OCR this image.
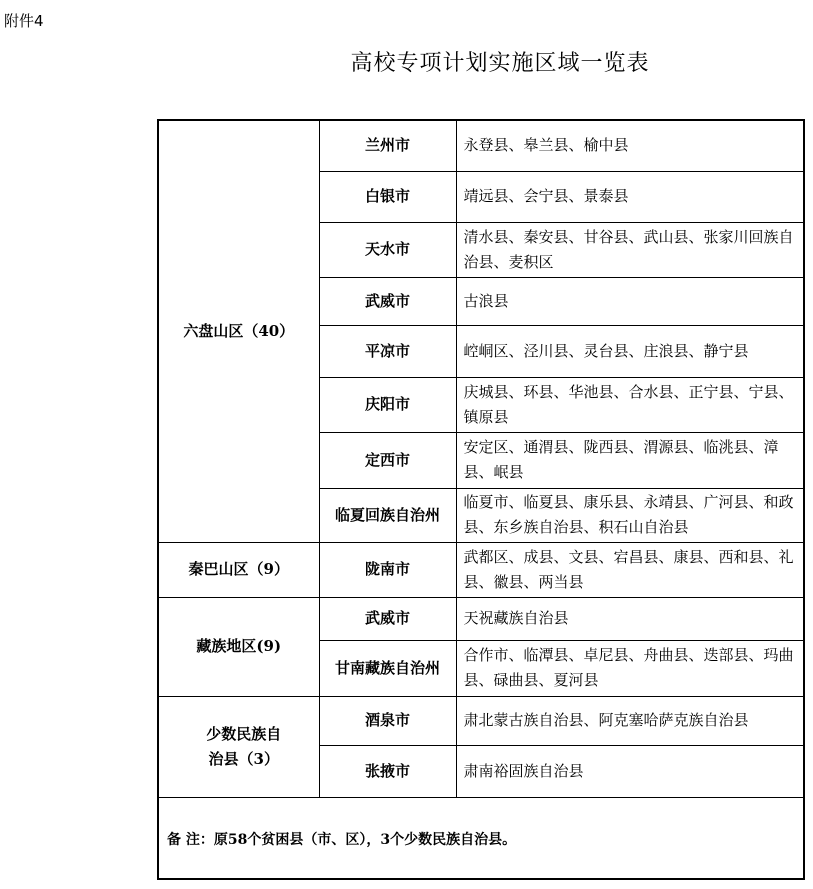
附件4
高校专项计划实施区域一览表
六盘山区（40）	兰州市	永登县、皋兰县、榆中县
	白银市	靖远县、会宁县、景泰县
	天水市	清水县、秦安县、甘谷县、武山县、张家川回族自治县、麦积区
	武威市	古浪县
	平凉市	崆峒区、泾川县、灵台县、庄浪县、静宁县
	庆阳市	庆城县、环县、华池县、合水县、正宁县、宁县、镇原县
	定西市	安定区、通渭县、陇西县、渭源县、临洮县、漳县、岷县
	临夏回族自治州	临夏市、临夏县、康乐县、永靖县、广河县、和政县、东乡族自治县、积石山自治县
秦巴山区（9）	陇南市	武都区、成县、文县、宕昌县、康县、西和县、礼县、徽县、两当县
藏族地区(9)	武威市	天祝藏族自治县
	甘南藏族自治州	合作市、临潭县、卓尼县、舟曲县、迭部县、玛曲县、碌曲县、夏河县
少数民族自治县（3）	酒泉市	肃北蒙古族自治县、阿克塞哈萨克族自治县
	张掖市	肃南裕固族自治县
备 注：原58个贫困县（市、区），3个少数民族自治县。		
